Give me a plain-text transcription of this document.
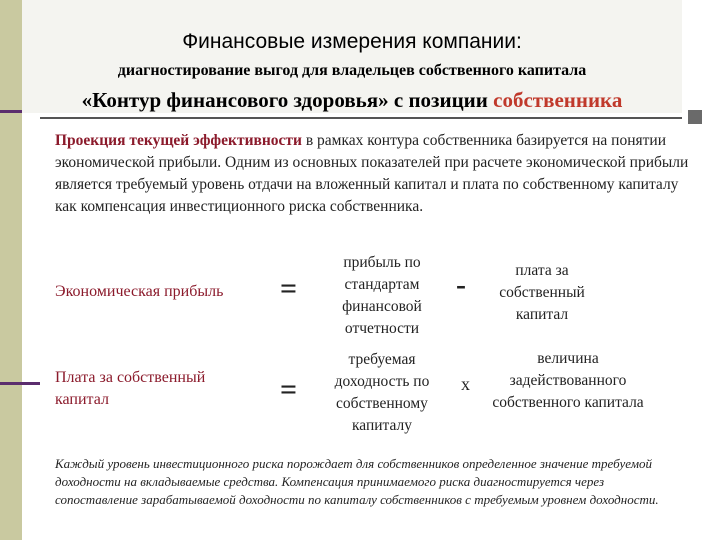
Финансовые измерения компании:
диагностирование выгод для владельцев собственного капитала
«Контур финансового здоровья» с позиции собственника
Проекция текущей эффективности в рамках контура собственника базируется на понятии экономической прибыли. Одним из основных показателей при расчете экономической прибыли является требуемый уровень отдачи на вложенный капитал и плата по собственному капиталу как компенсация инвестиционного риска собственника.
Экономическая прибыль =
прибыль по стандартам финансовой отчетности
-	плата за собственный капитал
Плата за собственный капитал	=
требуемая доходность по собственному капиталу
х
величина задействованного собственного капитала
Каждый уровень инвестиционного риска порождает для собственников определенное значение требуемой доходности на вкладываемые средства. Компенсация принимаемого риска диагностируется через сопоставление зарабатываемой доходности по капиталу собственников с требуемым уровнем доходности.
